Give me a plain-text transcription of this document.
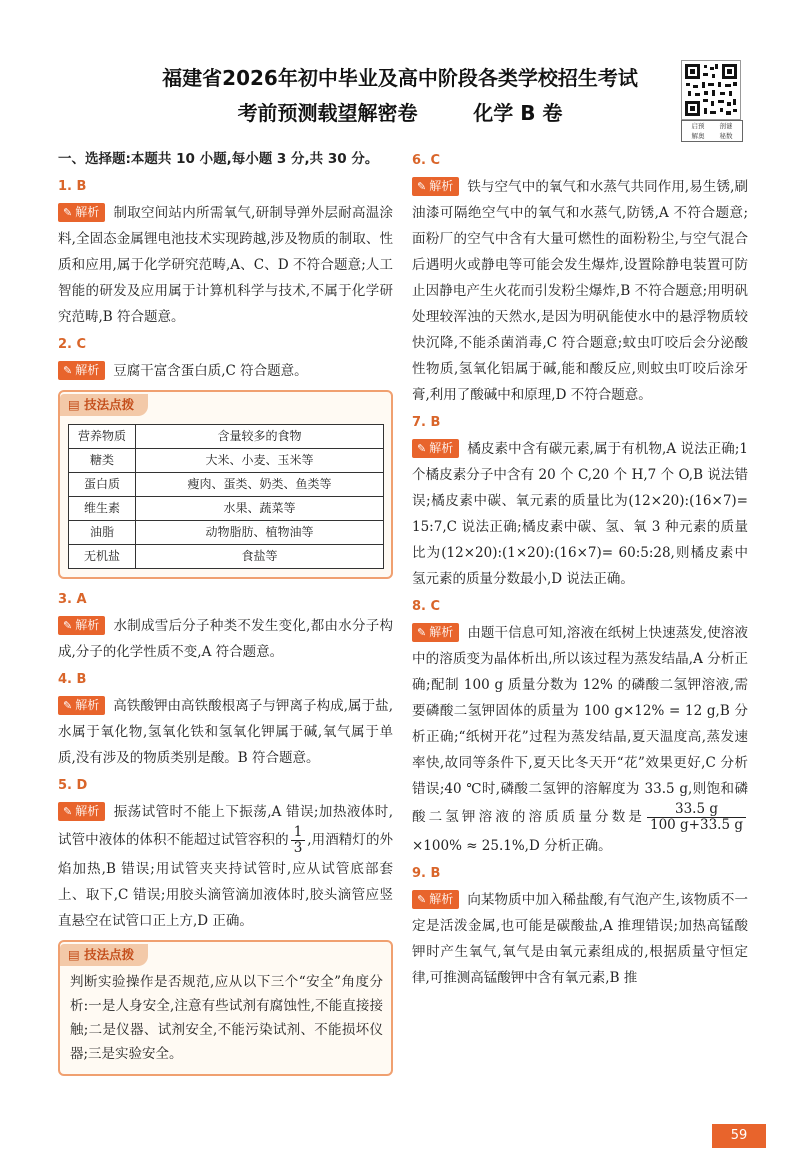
福建省2026年初中毕业及高中阶段各类学校招生考试
考前预测载望解密卷        化学 B 卷
启预	剖谜
解奥	秘数
一、选择题:本题共 10 小题,每小题 3 分,共 30 分。
1. B
✎ 解析 制取空间站内所需氧气,研制导弹外层耐高温涂料,全固态金属锂电池技术实现跨越,涉及物质的制取、性质和应用,属于化学研究范畴,A、C、D 不符合题意;人工智能的研发及应用属于计算机科学与技术,不属于化学研究范畴,B 符合题意。
2. C
✎ 解析 豆腐干富含蛋白质,C 符合题意。
▤ 技法点拨
营养物质	含量较多的食物
糖类	大米、小麦、玉米等
蛋白质	瘦肉、蛋类、奶类、鱼类等
维生素	水果、蔬菜等
油脂	动物脂肪、植物油等
无机盐	食盐等
3. A
✎ 解析 水制成雪后分子种类不发生变化,都由水分子构成,分子的化学性质不变,A 符合题意。
4. B
✎ 解析 高铁酸钾由高铁酸根离子与钾离子构成,属于盐,水属于氧化物,氢氧化铁和氢氧化钾属于碱,氧气属于单质,没有涉及的物质类别是酸。B 符合题意。
5. D
✎ 解析 振荡试管时不能上下振荡,A 错误;加热液体时,试管中液体的体积不能超过试管容积的 $\frac{1}{3}$ ,用酒精灯的外焰加热,B 错误;用试管夹夹持试管时,应从试管底部套上、取下,C 错误;用胶头滴管滴加液体时,胶头滴管应竖直悬空在试管口正上方,D 正确。
▤ 技法点拨
判断实验操作是否规范,应从以下三个“安全”角度分析:一是人身安全,注意有些试剂有腐蚀性,不能直接接触;二是仪器、试剂安全,不能污染试剂、不能损坏仪器;三是实验安全。
6. C
✎ 解析 铁与空气中的氧气和水蒸气共同作用,易生锈,刷油漆可隔绝空气中的氧气和水蒸气,防锈,A 不符合题意;面粉厂的空气中含有大量可燃性的面粉粉尘,与空气混合后遇明火或静电等可能会发生爆炸,设置除静电装置可防止因静电产生火花而引发粉尘爆炸,B 不符合题意;用明矾处理较浑浊的天然水,是因为明矾能使水中的悬浮物质较快沉降,不能杀菌消毒,C 符合题意;蚊虫叮咬后会分泌酸性物质,氢氧化铝属于碱,能和酸反应,则蚊虫叮咬后涂牙膏,利用了酸碱中和原理,D 不符合题意。
7. B
✎ 解析 橘皮素中含有碳元素,属于有机物,A 说法正确;1个橘皮素分子中含有 20 个 C,20 个 H,7 个 O,B 说法错误;橘皮素中碳、氧元素的质量比为(12×20):(16×7)= 15:7,C 说法正确;橘皮素中碳、氢、氧 3 种元素的质量比为(12×20):(1×20):(16×7)= 60:5:28,则橘皮素中氢元素的质量分数最小,D 说法正确。
8. C
✎ 解析 由题干信息可知,溶液在纸树上快速蒸发,使溶液中的溶质变为晶体析出,所以该过程为蒸发结晶,A 分析正确;配制 100 g 质量分数为 12% 的磷酸二氢钾溶液,需要磷酸二氢钾固体的质量为 100 g×12% = 12 g,B 分析正确;“纸树开花”过程为蒸发结晶,夏天温度高,蒸发速率快,故同等条件下,夏天比冬天开“花”效果更好,C 分析错误;40 ℃时,磷酸二氢钾的溶解度为 33.5 g,则饱和磷酸二氢钾溶液的溶质质量分数是 $\frac{33.5 g}{100 g+33.5 g}$
×100% ≈ 25.1%,D 分析正确。
9. B
✎ 解析 向某物质中加入稀盐酸,有气泡产生,该物质不一定是活泼金属,也可能是碳酸盐,A 推理错误;加热高锰酸钾时产生氧气,氧气是由氧元素组成的,根据质量守恒定律,可推测高锰酸钾中含有氧元素,B 推
59
